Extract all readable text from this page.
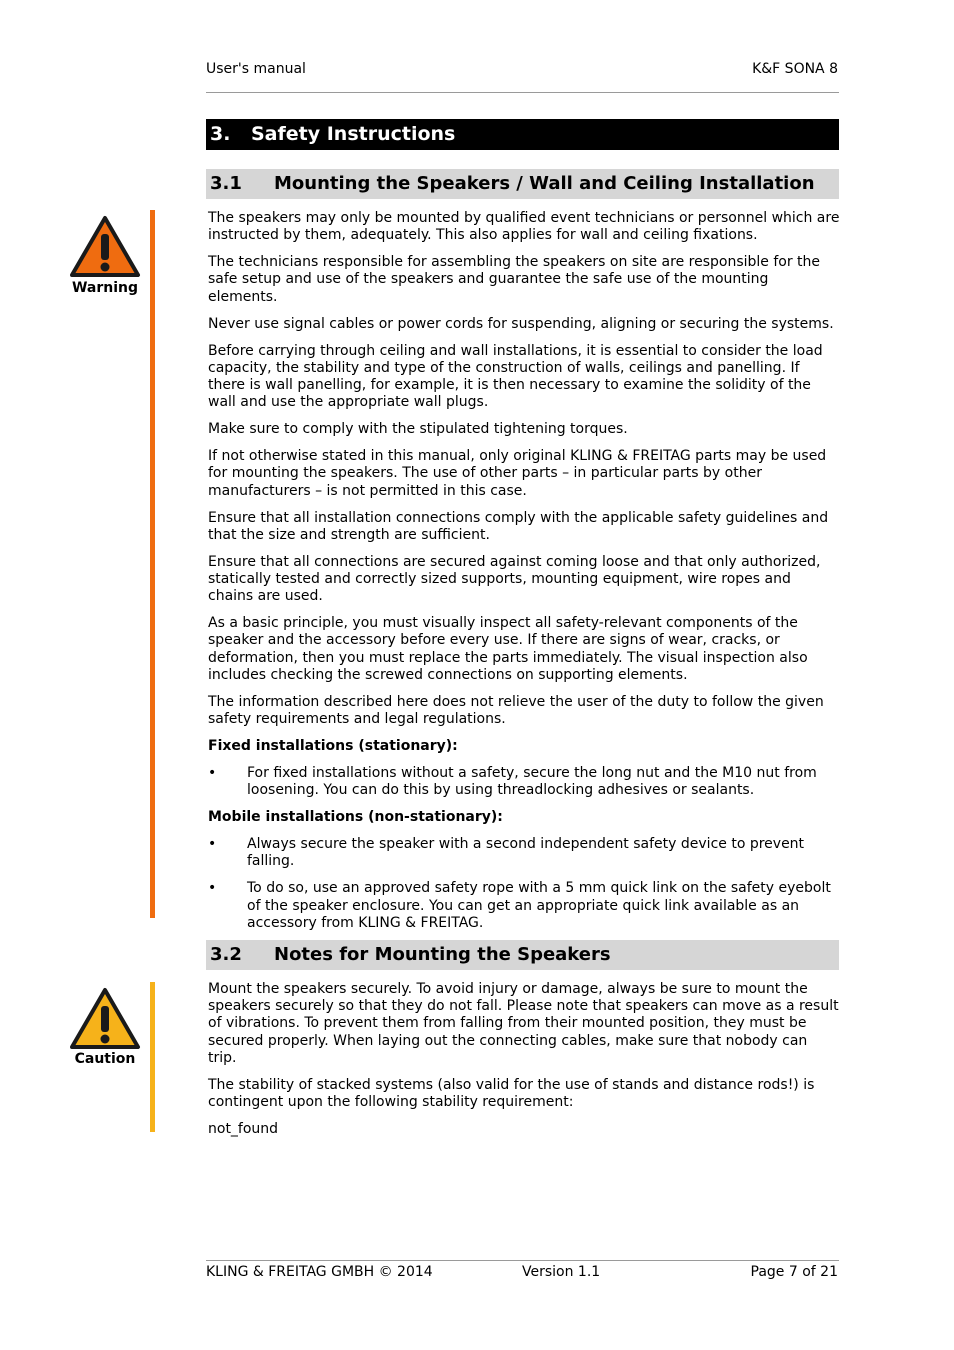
User's manual	K&F SONA 8
3. Safety Instructions
3.1 Mounting the Speakers / Wall and Ceiling Installation
Warning

The speakers may only be mounted by qualified event technicians or personnel which are instructed by them, adequately. This also applies for wall and ceiling fixations.

The technicians responsible for assembling the speakers on site are responsible for the safe setup and use of the speakers and guarantee the safe use of the mounting elements.

Never use signal cables or power cords for suspending, aligning or securing the systems.

Before carrying through ceiling and wall installations, it is essential to consider the load capacity, the stability and type of the construction of walls, ceilings and panelling. If there is wall panelling, for example, it is then necessary to examine the solidity of the wall and use the appropriate wall plugs.

Make sure to comply with the stipulated tightening torques.

If not otherwise stated in this manual, only original KLING & FREITAG parts may be used for mounting the speakers. The use of other parts – in particular parts by other manufacturers – is not permitted in this case.

Ensure that all installation connections comply with the applicable safety guidelines and that the size and strength are sufficient.

Ensure that all connections are secured against coming loose and that only authorized, statically tested and correctly sized supports, mounting equipment, wire ropes and chains are used.

As a basic principle, you must visually inspect all safety-relevant components of the speaker and the accessory before every use. If there are signs of wear, cracks, or deformation, then you must replace the parts immediately. The visual inspection also includes checking the screwed connections on supporting elements.

The information described here does not relieve the user of the duty to follow the given safety requirements and legal regulations.

Fixed installations (stationary):

• For fixed installations without a safety, secure the long nut and the M10 nut from loosening. You can do this by using threadlocking adhesives or sealants.

Mobile installations (non-stationary):

• Always secure the speaker with a second independent safety device to prevent falling.
• To do so, use an approved safety rope with a 5 mm quick link on the safety eyebolt of the speaker enclosure. You can get an appropriate quick link available as an accessory from KLING & FREITAG.
3.2 Notes for Mounting the Speakers
Caution

Mount the speakers securely. To avoid injury or damage, always be sure to mount the speakers securely so that they do not fall. Please note that speakers can move as a result of vibrations. To prevent them from falling from their mounted position, they must be secured properly. When laying out the connecting cables, make sure that nobody can trip.

The stability of stacked systems (also valid for the use of stands and distance rods!) is contingent upon the following stability requirement:

not_found

KLING & FREITAG GMBH © 2014	Version 1.1	Page 7 of 21
